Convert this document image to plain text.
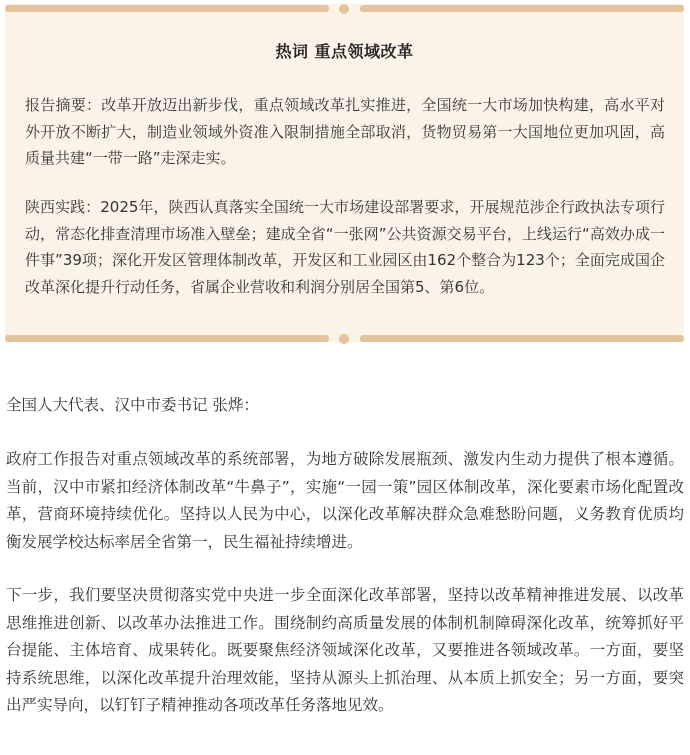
热词 重点领域改革

报告摘要：改革开放迈出新步伐，重点领域改革扎实推进，全国统一大市场加快构建，高水平对外开放不断扩大，制造业领域外资准入限制措施全部取消，货物贸易第一大国地位更加巩固，高质量共建“一带一路”走深走实。

陕西实践：2025年，陕西认真落实全国统一大市场建设部署要求，开展规范涉企行政执法专项行动，常态化排查清理市场准入壁垒；建成全省“一张网”公共资源交易平台，上线运行“高效办成一件事”39项；深化开发区管理体制改革，开发区和工业园区由162个整合为123个；全面完成国企改革深化提升行动任务，省属企业营收和利润分别居全国第5、第6位。

全国人大代表、汉中市委书记 张烨：

政府工作报告对重点领域改革的系统部署，为地方破除发展瓶颈、激发内生动力提供了根本遵循。当前，汉中市紧扣经济体制改革“牛鼻子”，实施“一园一策”园区体制改革，深化要素市场化配置改革，营商环境持续优化。坚持以人民为中心，以深化改革解决群众急难愁盼问题，义务教育优质均衡发展学校达标率居全省第一，民生福祉持续增进。

下一步，我们要坚决贯彻落实党中央进一步全面深化改革部署，坚持以改革精神推进发展、以改革思维推进创新、以改革办法推进工作。围绕制约高质量发展的体制机制障碍深化改革，统筹抓好平台提能、主体培育、成果转化。既要聚焦经济领域深化改革，又要推进各领域改革。一方面，要坚持系统思维，以深化改革提升治理效能，坚持从源头上抓治理、从本质上抓安全；另一方面，要突出严实导向，以钉钉子精神推动各项改革任务落地见效。
